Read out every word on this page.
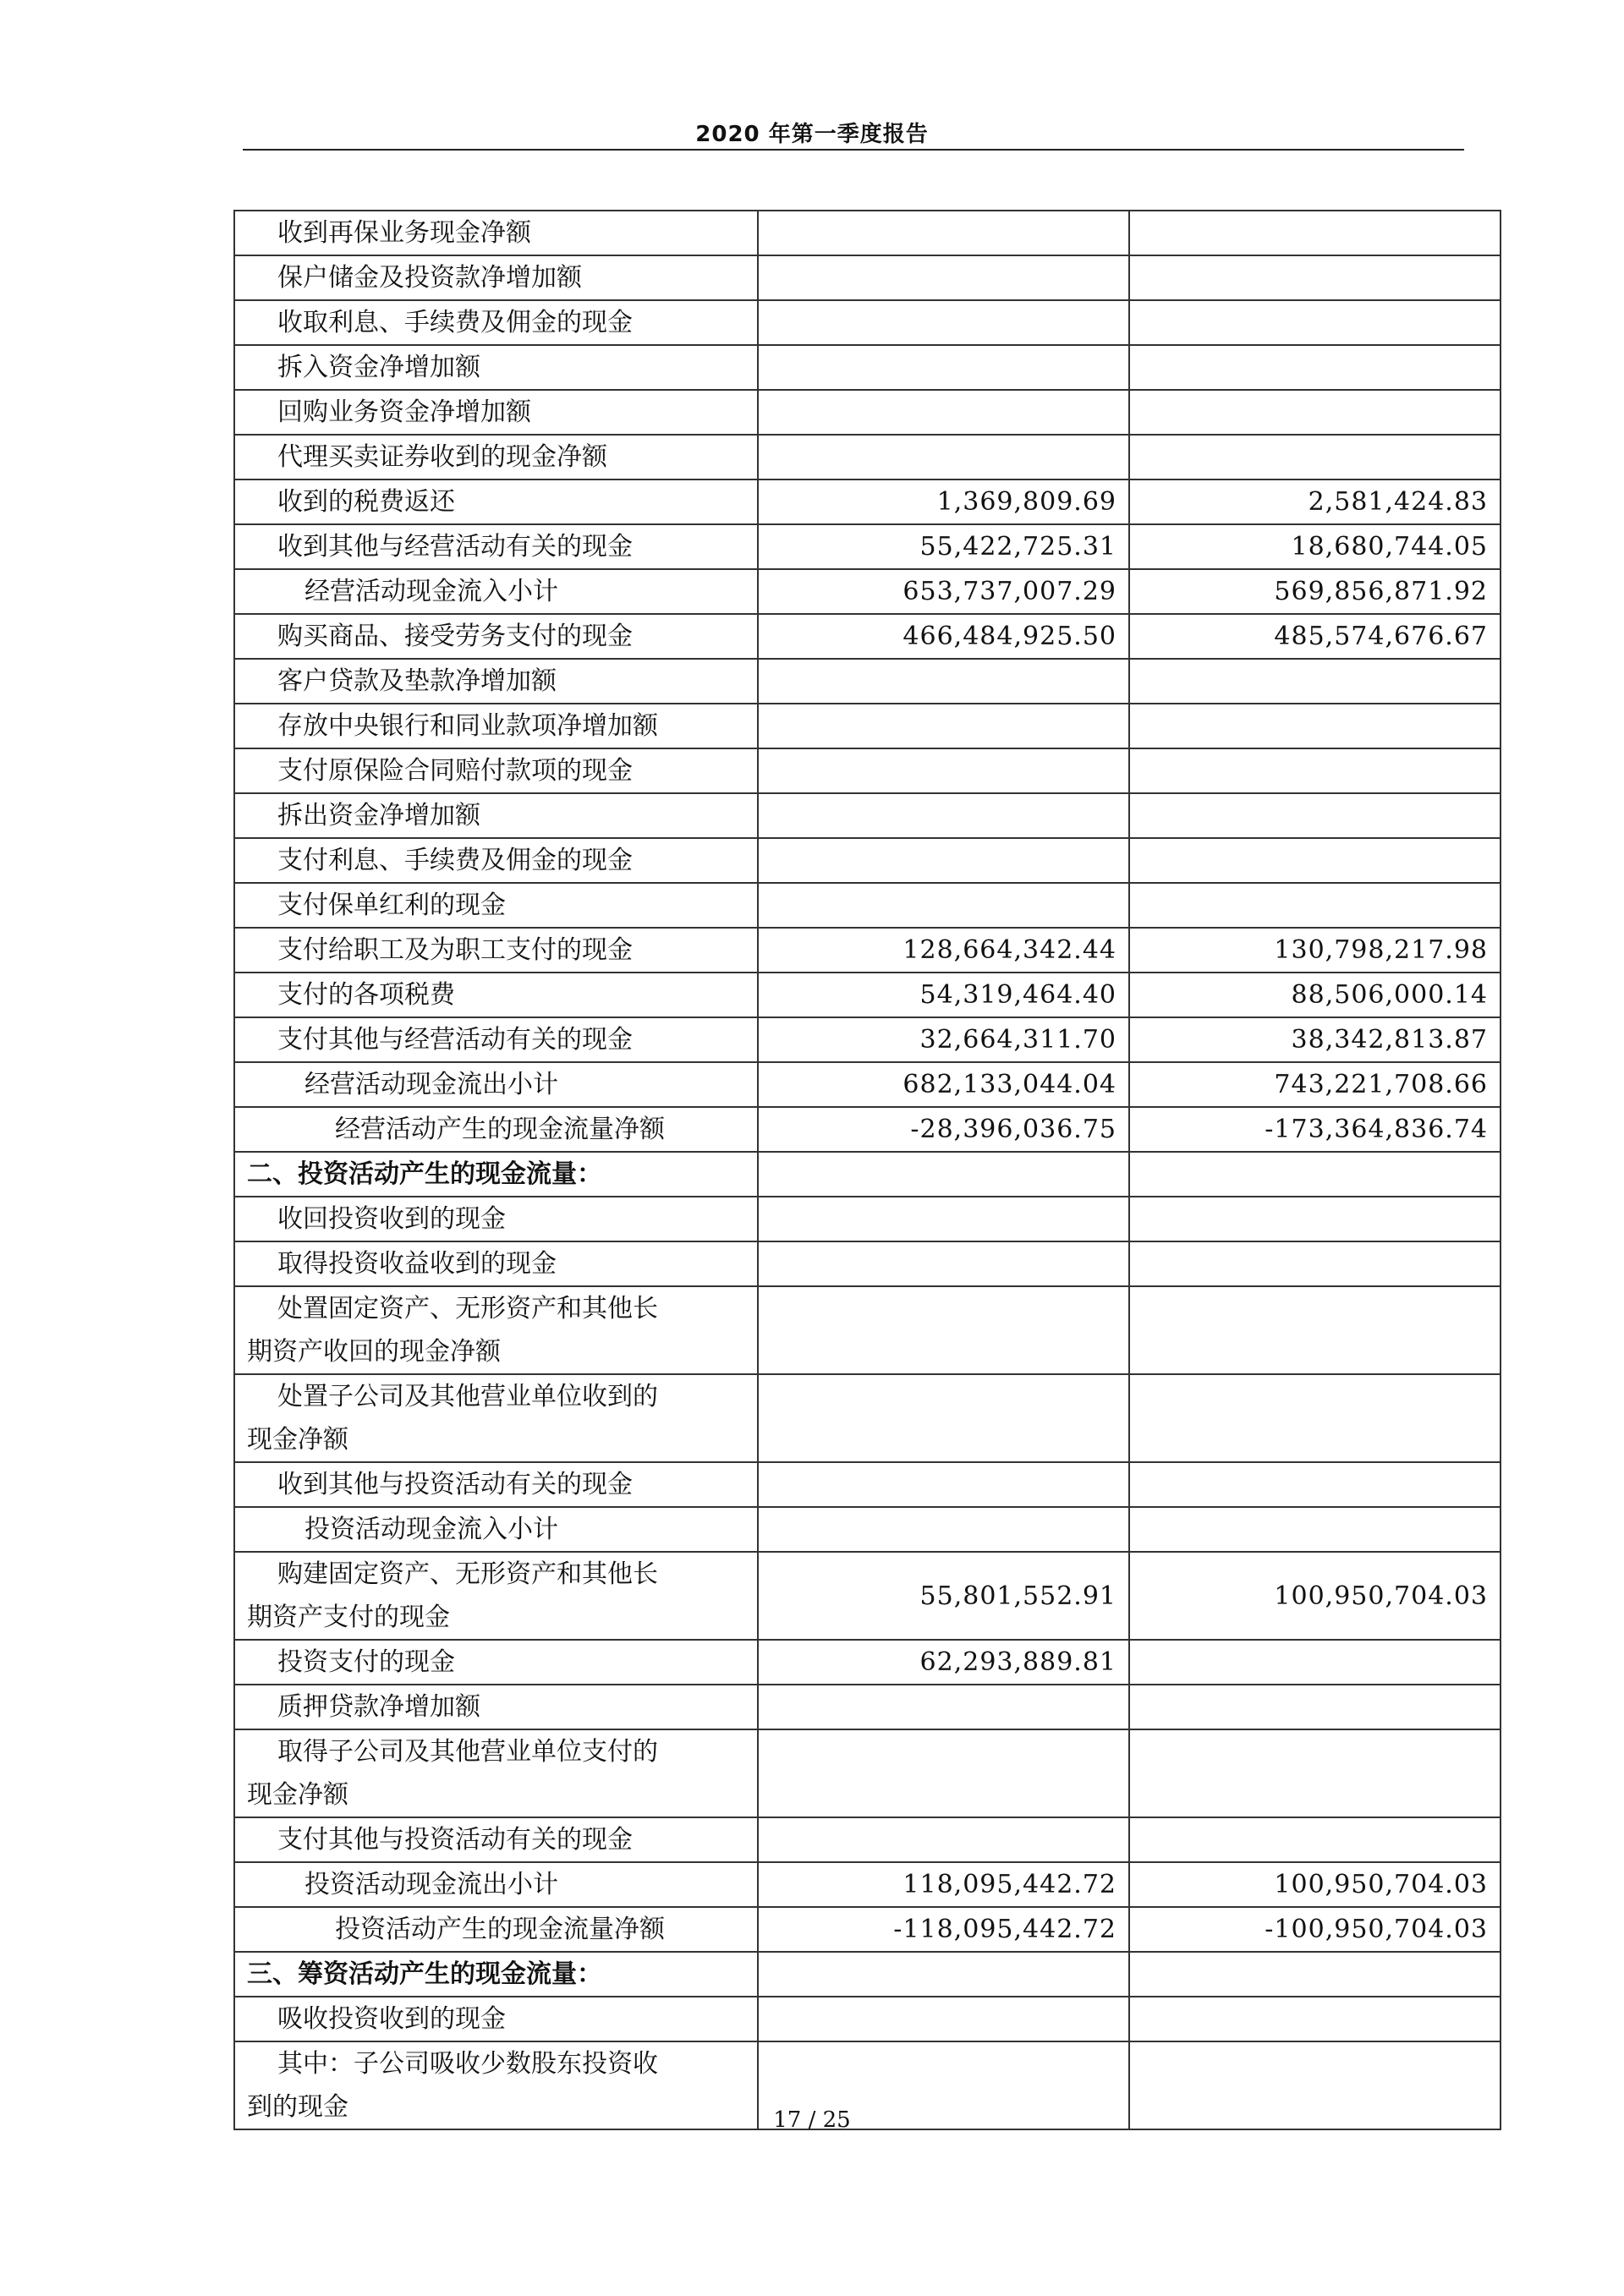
2020 年第一季度报告
收到再保业务现金净额		
保户储金及投资款净增加额		
收取利息、手续费及佣金的现金		
拆入资金净增加额		
回购业务资金净增加额		
代理买卖证券收到的现金净额		
收到的税费返还	1,369,809.69	2,581,424.83
收到其他与经营活动有关的现金	55,422,725.31	18,680,744.05
经营活动现金流入小计	653,737,007.29	569,856,871.92
购买商品、接受劳务支付的现金	466,484,925.50	485,574,676.67
客户贷款及垫款净增加额		
存放中央银行和同业款项净增加额		
支付原保险合同赔付款项的现金		
拆出资金净增加额		
支付利息、手续费及佣金的现金		
支付保单红利的现金		
支付给职工及为职工支付的现金	128,664,342.44	130,798,217.98
支付的各项税费	54,319,464.40	88,506,000.14
支付其他与经营活动有关的现金	32,664,311.70	38,342,813.87
经营活动现金流出小计	682,133,044.04	743,221,708.66
经营活动产生的现金流量净额	-28,396,036.75	-173,364,836.74
二、投资活动产生的现金流量：		
收回投资收到的现金		
取得投资收益收到的现金		

处置固定资产、无形资产和其他长
期资产收回的现金净额		

处置子公司及其他营业单位收到的
现金净额		

收到其他与投资活动有关的现金		
投资活动现金流入小计		

购建固定资产、无形资产和其他长
期资产支付的现金	55,801,552.91	100,950,704.03
投资支付的现金	62,293,889.81	
质押贷款净增加额		

取得子公司及其他营业单位支付的
现金净额		

支付其他与投资活动有关的现金		
投资活动现金流出小计	118,095,442.72	100,950,704.03
投资活动产生的现金流量净额	-118,095,442.72	-100,950,704.03
三、筹资活动产生的现金流量：		
吸收投资收到的现金		

其中：子公司吸收少数股东投资收
到的现金		
			17 / 25
